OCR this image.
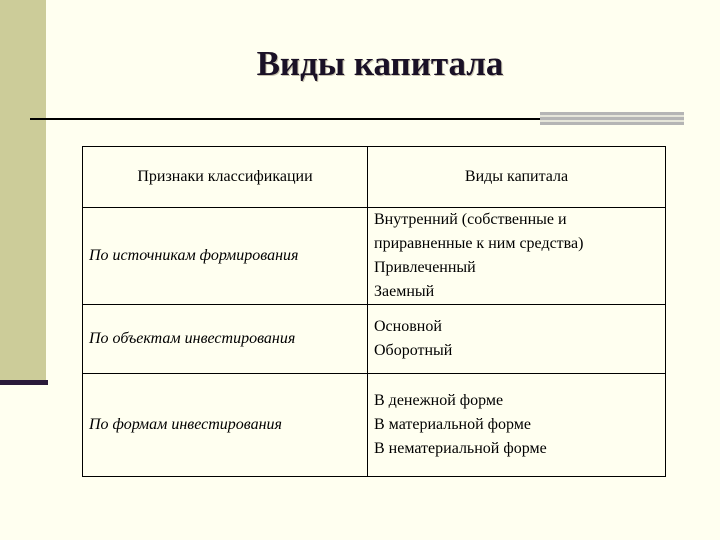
Виды капитала
Признаки классификации	Виды капитала
По источникам формирования	Внутренний (собственные и
приравненные к ним средства)
Привлеченный
Заемный

По объектам инвестирования	Основной
Оборотный

По формам инвестирования	В денежной форме
В материальной форме
В нематериальной форме
